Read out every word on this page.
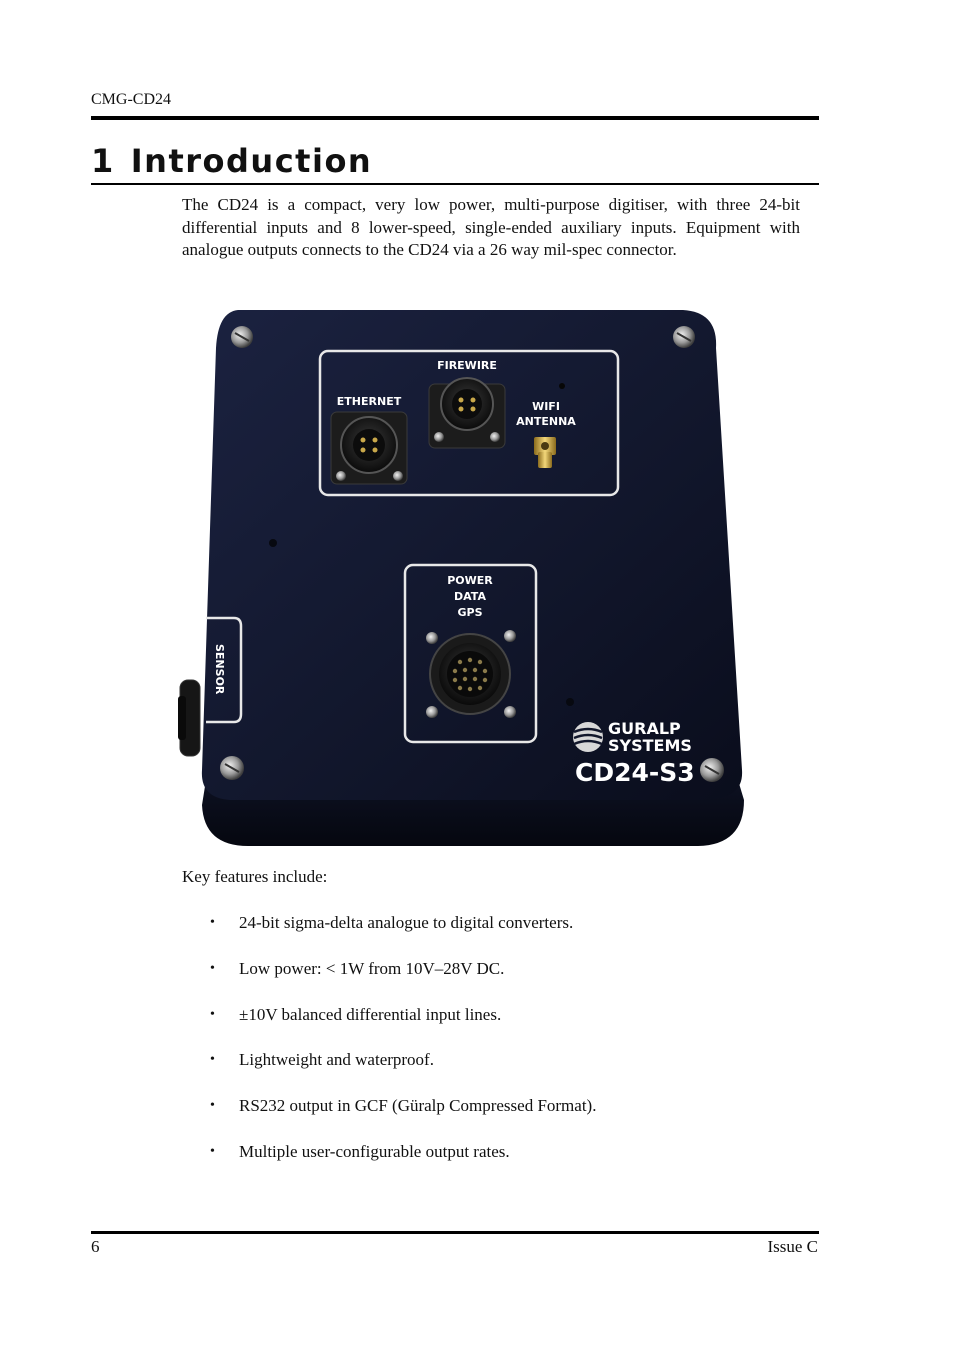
CMG-CD24
1 Introduction

The CD24 is a compact, very low power, multi-purpose digitiser, with three 24-bit differential inputs and 8 lower-speed, single-ended auxiliary inputs. Equipment with analogue outputs connects to the CD24 via a 26 way mil-spec connector.

FIREWIRE
ETHERNET	WIFI
ANTENNA
POWER
DATA
GPS
SENSOR
GURALP
SYSTEMS
CD24-S3

Key features include:

• 24-bit sigma-delta analogue to digital converters.
• Low power: < 1W from 10V–28V DC.
• ±10V balanced differential input lines.
• Lightweight and waterproof.
• RS232 output in GCF (Güralp Compressed Format).
• Multiple user-configurable output rates.
6	Issue C
